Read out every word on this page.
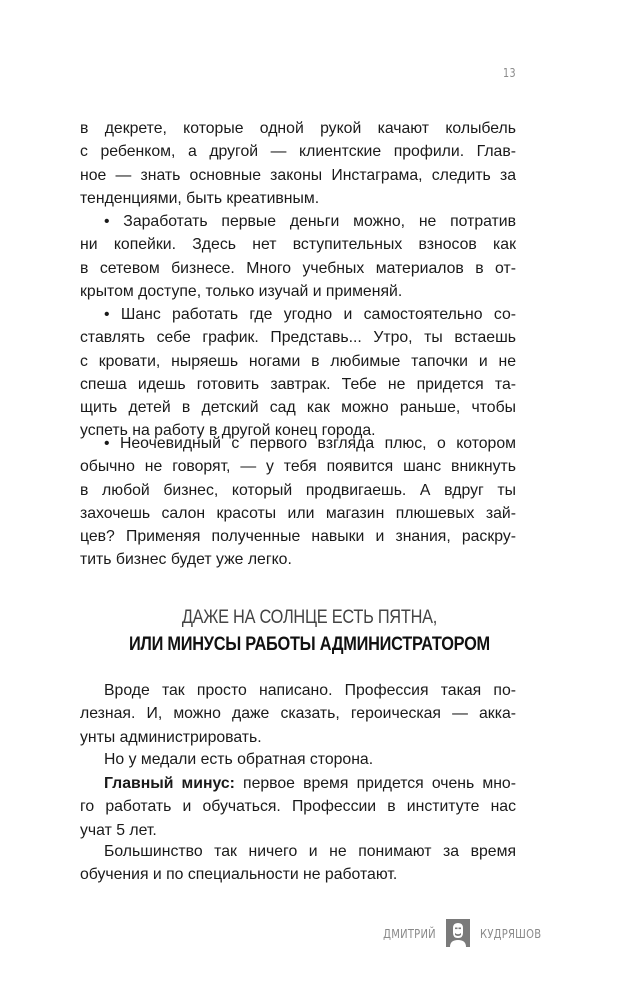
13
в декрете, которые одной рукой качают колыбель
с ребенком, а другой — клиентские профили. Глав-
ное — знать основные законы Инстаграма, следить за
тенденциями, быть креативным.
• Заработать первые деньги можно, не потратив
ни копейки. Здесь нет вступительных взносов как
в сетевом бизнесе. Много учебных материалов в от-
крытом доступе, только изучай и применяй.
• Шанс работать где угодно и самостоятельно со-
ставлять себе график. Представь... Утро, ты встаешь
с кровати, ныряешь ногами в любимые тапочки и не
спеша идешь готовить завтрак. Тебе не придется та-
щить детей в детский сад как можно раньше, чтобы
успеть на работу в другой конец города.
• Неочевидный с первого взгляда плюс, о котором
обычно не говорят, — у тебя появится шанс вникнуть
в любой бизнес, который продвигаешь. А вдруг ты
захочешь салон красоты или магазин плюшевых зай-
цев? Применяя полученные навыки и знания, раскру-
тить бизнес будет уже легко.
ДАЖЕ НА СОЛНЦЕ ЕСТЬ ПЯТНА,
ИЛИ МИНУСЫ РАБОТЫ АДМИНИСТРАТОРОМ
Вроде так просто написано. Профессия такая по-
лезная. И, можно даже сказать, героическая — акка-
унты администрировать.
Но у медали есть обратная сторона.
Главный минус: первое время придется очень мно-
го работать и обучаться. Профессии в институте нас
учат 5 лет.
Большинство так ничего и не понимают за время
обучения и по специальности не работают.
ДМИТРИЙ	КУДРЯШОВ
